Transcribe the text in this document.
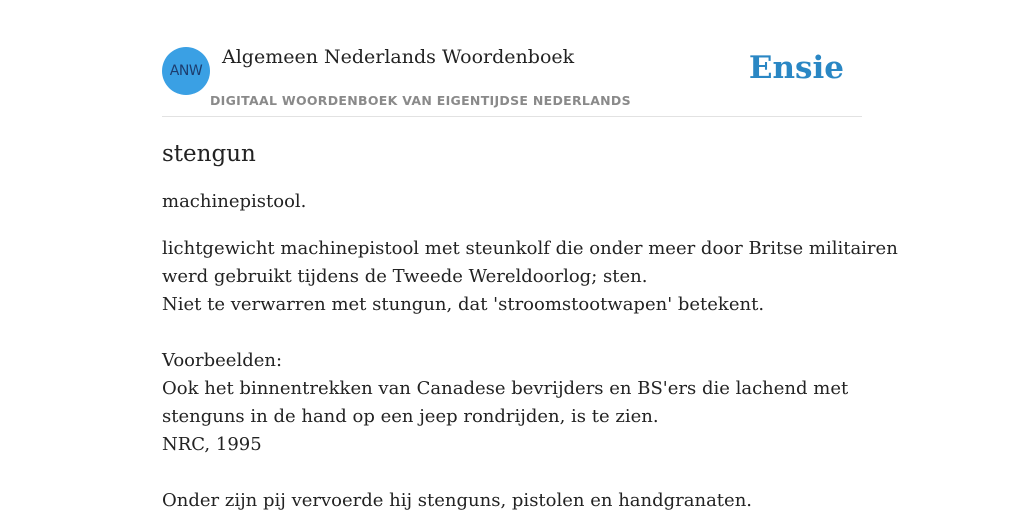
ANW
Algemeen Nederlands Woordenboek
DIGITAAL WOORDENBOEK VAN EIGENTIJDSE NEDERLANDS
Ensie
stengun

machinepistool.

lichtgewicht machinepistool met steunkolf die onder meer door Britse militairen
werd gebruikt tijdens de Tweede Wereldoorlog; sten.
Niet te verwarren met stungun, dat 'stroomstootwapen' betekent.
Voorbeelden:
Ook het binnentrekken van Canadese bevrijders en BS'ers die lachend met
stenguns in de hand op een jeep rondrijden, is te zien.
NRC, 1995
Onder zijn pij vervoerde hij stenguns, pistolen en handgranaten.
